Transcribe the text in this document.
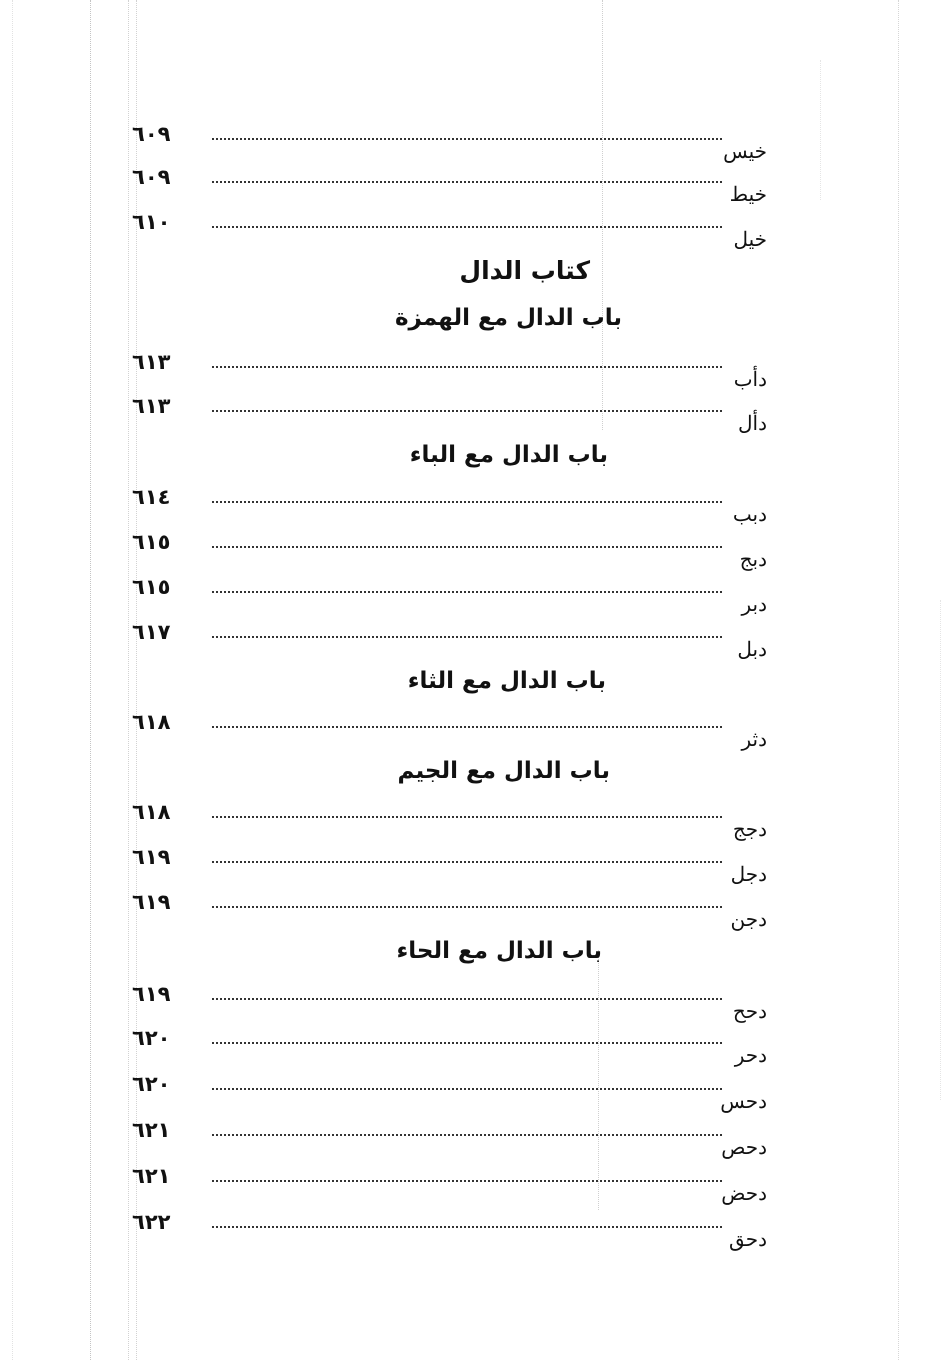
٦٠٩
خيس
٦٠٩
خيط
٦١٠
خيل
كتاب الدال
باب الدال مع الهمزة
٦١٣
دأب
٦١٣
دأل
باب الدال مع الباء
٦١٤
دبب
٦١٥
دبج
٦١٥
دبر
٦١٧
دبل
باب الدال مع الثاء
٦١٨
دثر
باب الدال مع الجيم
٦١٨
دجج
٦١٩
دجل
٦١٩
دجن
باب الدال مع الحاء
٦١٩
دحح
٦٢٠
دحر
٦٢٠
دحس
٦٢١
دحص
٦٢١
دحض
٦٢٢
دحق
